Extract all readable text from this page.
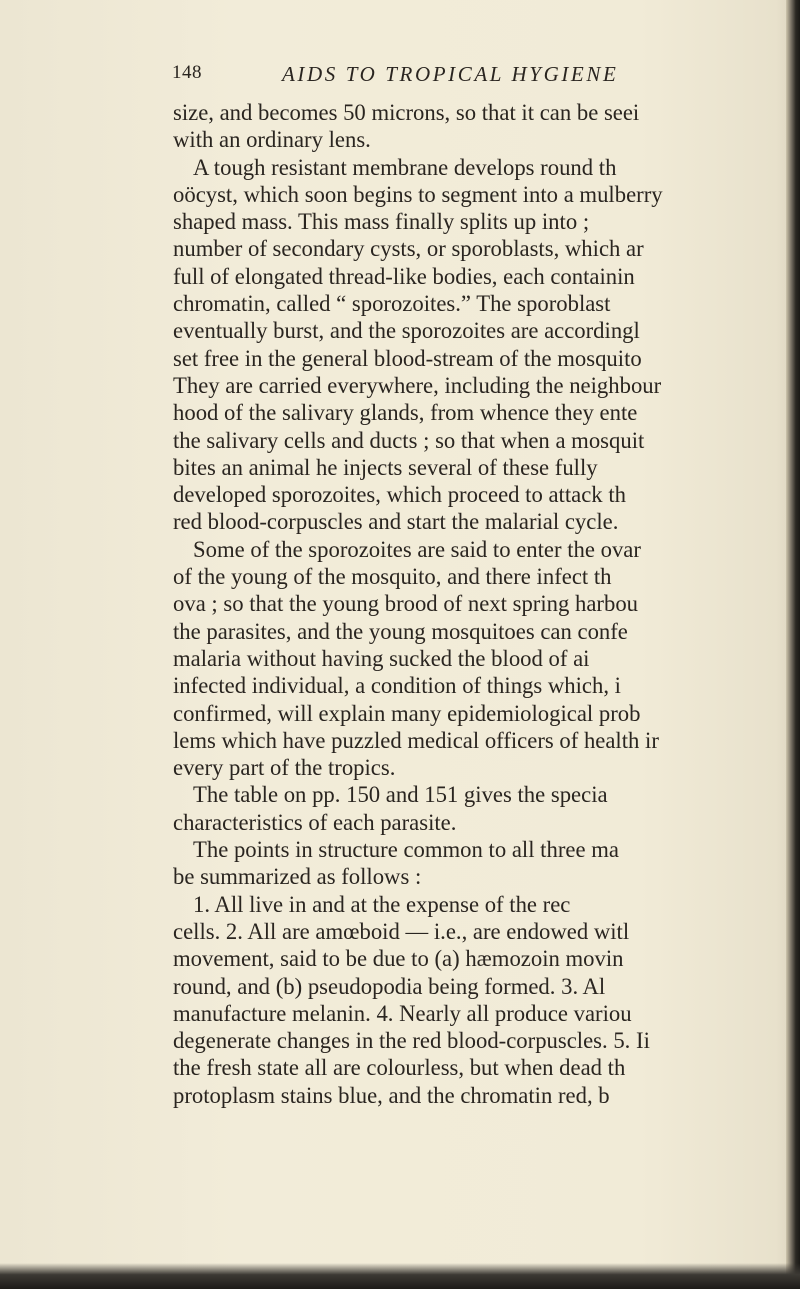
148	AIDS TO TROPICAL HYGIENE
size, and becomes 50 microns, so that it can be seei
with an ordinary lens.
A tough resistant membrane develops round th
oöcyst, which soon begins to segment into a mulberry
shaped mass. This mass finally splits up into ;
number of secondary cysts, or sporoblasts, which ar
full of elongated thread-like bodies, each containin
chromatin, called “ sporozoites.” The sporoblast
eventually burst, and the sporozoites are accordingl
set free in the general blood-stream of the mosquito
They are carried everywhere, including the neighbour
hood of the salivary glands, from whence they ente
the salivary cells and ducts ; so that when a mosquit
bites an animal he injects several of these fully
developed sporozoites, which proceed to attack th
red blood-corpuscles and start the malarial cycle.
Some of the sporozoites are said to enter the ovar
of the young of the mosquito, and there infect th
ova ; so that the young brood of next spring harbou
the parasites, and the young mosquitoes can confe
malaria without having sucked the blood of ai
infected individual, a condition of things which, i
confirmed, will explain many epidemiological prob
lems which have puzzled medical officers of health ir
every part of the tropics.
The table on pp. 150 and 151 gives the specia
characteristics of each parasite.
The points in structure common to all three ma
be summarized as follows :
1. All live in and at the expense of the rec
cells. 2. All are amœboid — i.e., are endowed witl
movement, said to be due to (a) hæmozoin movin
round, and (b) pseudopodia being formed. 3. Al
manufacture melanin. 4. Nearly all produce variou
degenerate changes in the red blood-corpuscles. 5. Ii
the fresh state all are colourless, but when dead th
protoplasm stains blue, and the chromatin red, b
